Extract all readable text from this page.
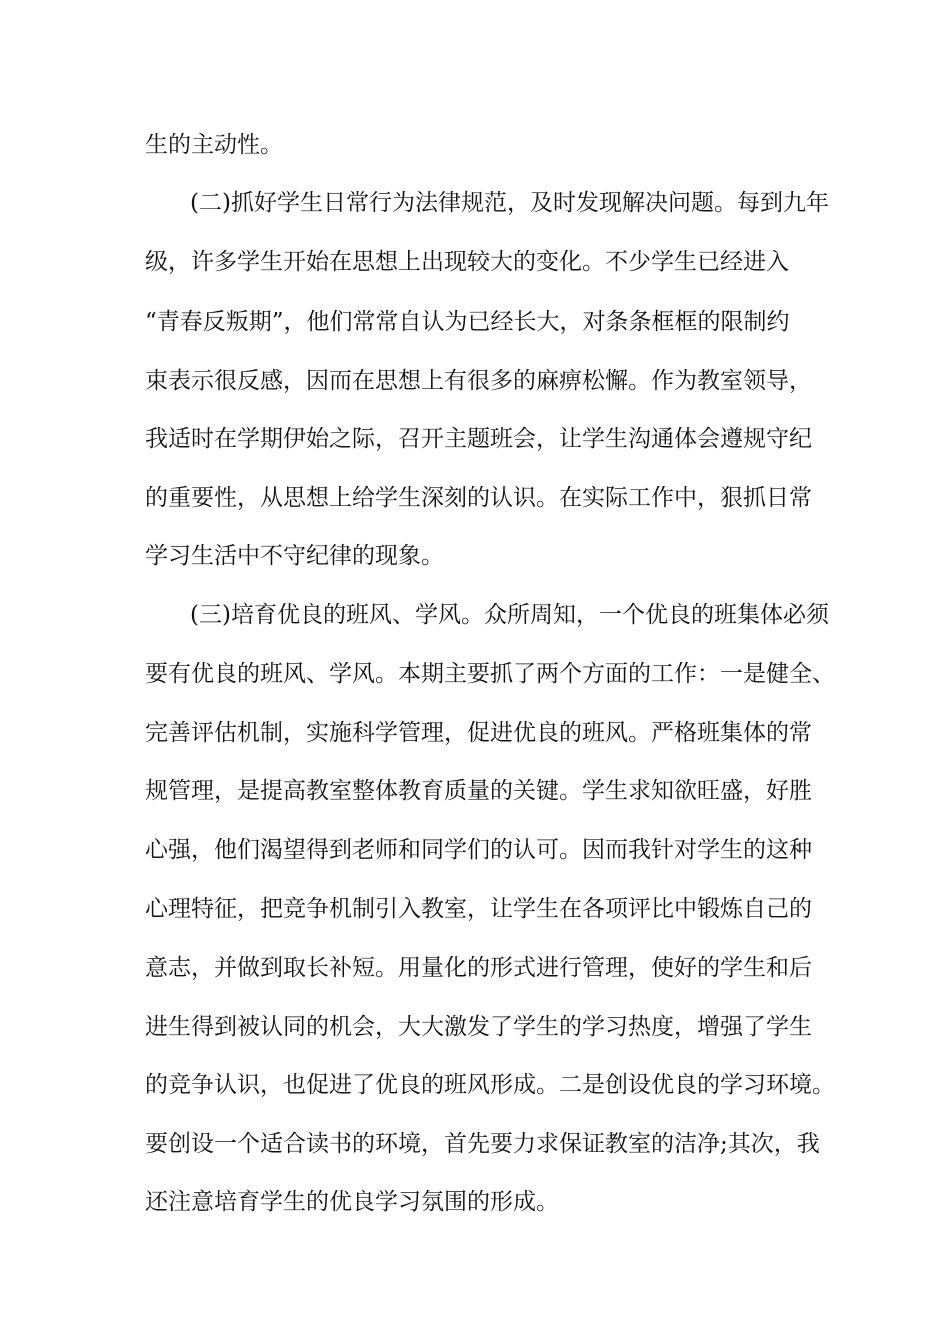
生的主动性。

(二)抓好学生日常行为法律规范，及时发现解决问题。每到九年

级，许多学生开始在思想上出现较大的变化。不少学生已经进入

“青春反叛期”，他们常常自认为已经长大，对条条框框的限制约

束表示很反感，因而在思想上有很多的麻痹松懈。作为教室领导，

我适时在学期伊始之际，召开主题班会，让学生沟通体会遵规守纪

的重要性，从思想上给学生深刻的认识。在实际工作中，狠抓日常

学习生活中不守纪律的现象。

(三)培育优良的班风、学风。众所周知，一个优良的班集体必须

要有优良的班风、学风。本期主要抓了两个方面的工作：一是健全、

完善评估机制，实施科学管理，促进优良的班风。严格班集体的常

规管理，是提高教室整体教育质量的关键。学生求知欲旺盛，好胜

心强，他们渴望得到老师和同学们的认可。因而我针对学生的这种

心理特征，把竞争机制引入教室，让学生在各项评比中锻炼自己的

意志，并做到取长补短。用量化的形式进行管理，使好的学生和后

进生得到被认同的机会，大大激发了学生的学习热度，增强了学生

的竞争认识，也促进了优良的班风形成。二是创设优良的学习环境。

要创设一个适合读书的环境，首先要力求保证教室的洁净;其次，我

还注意培育学生的优良学习氛围的形成。
